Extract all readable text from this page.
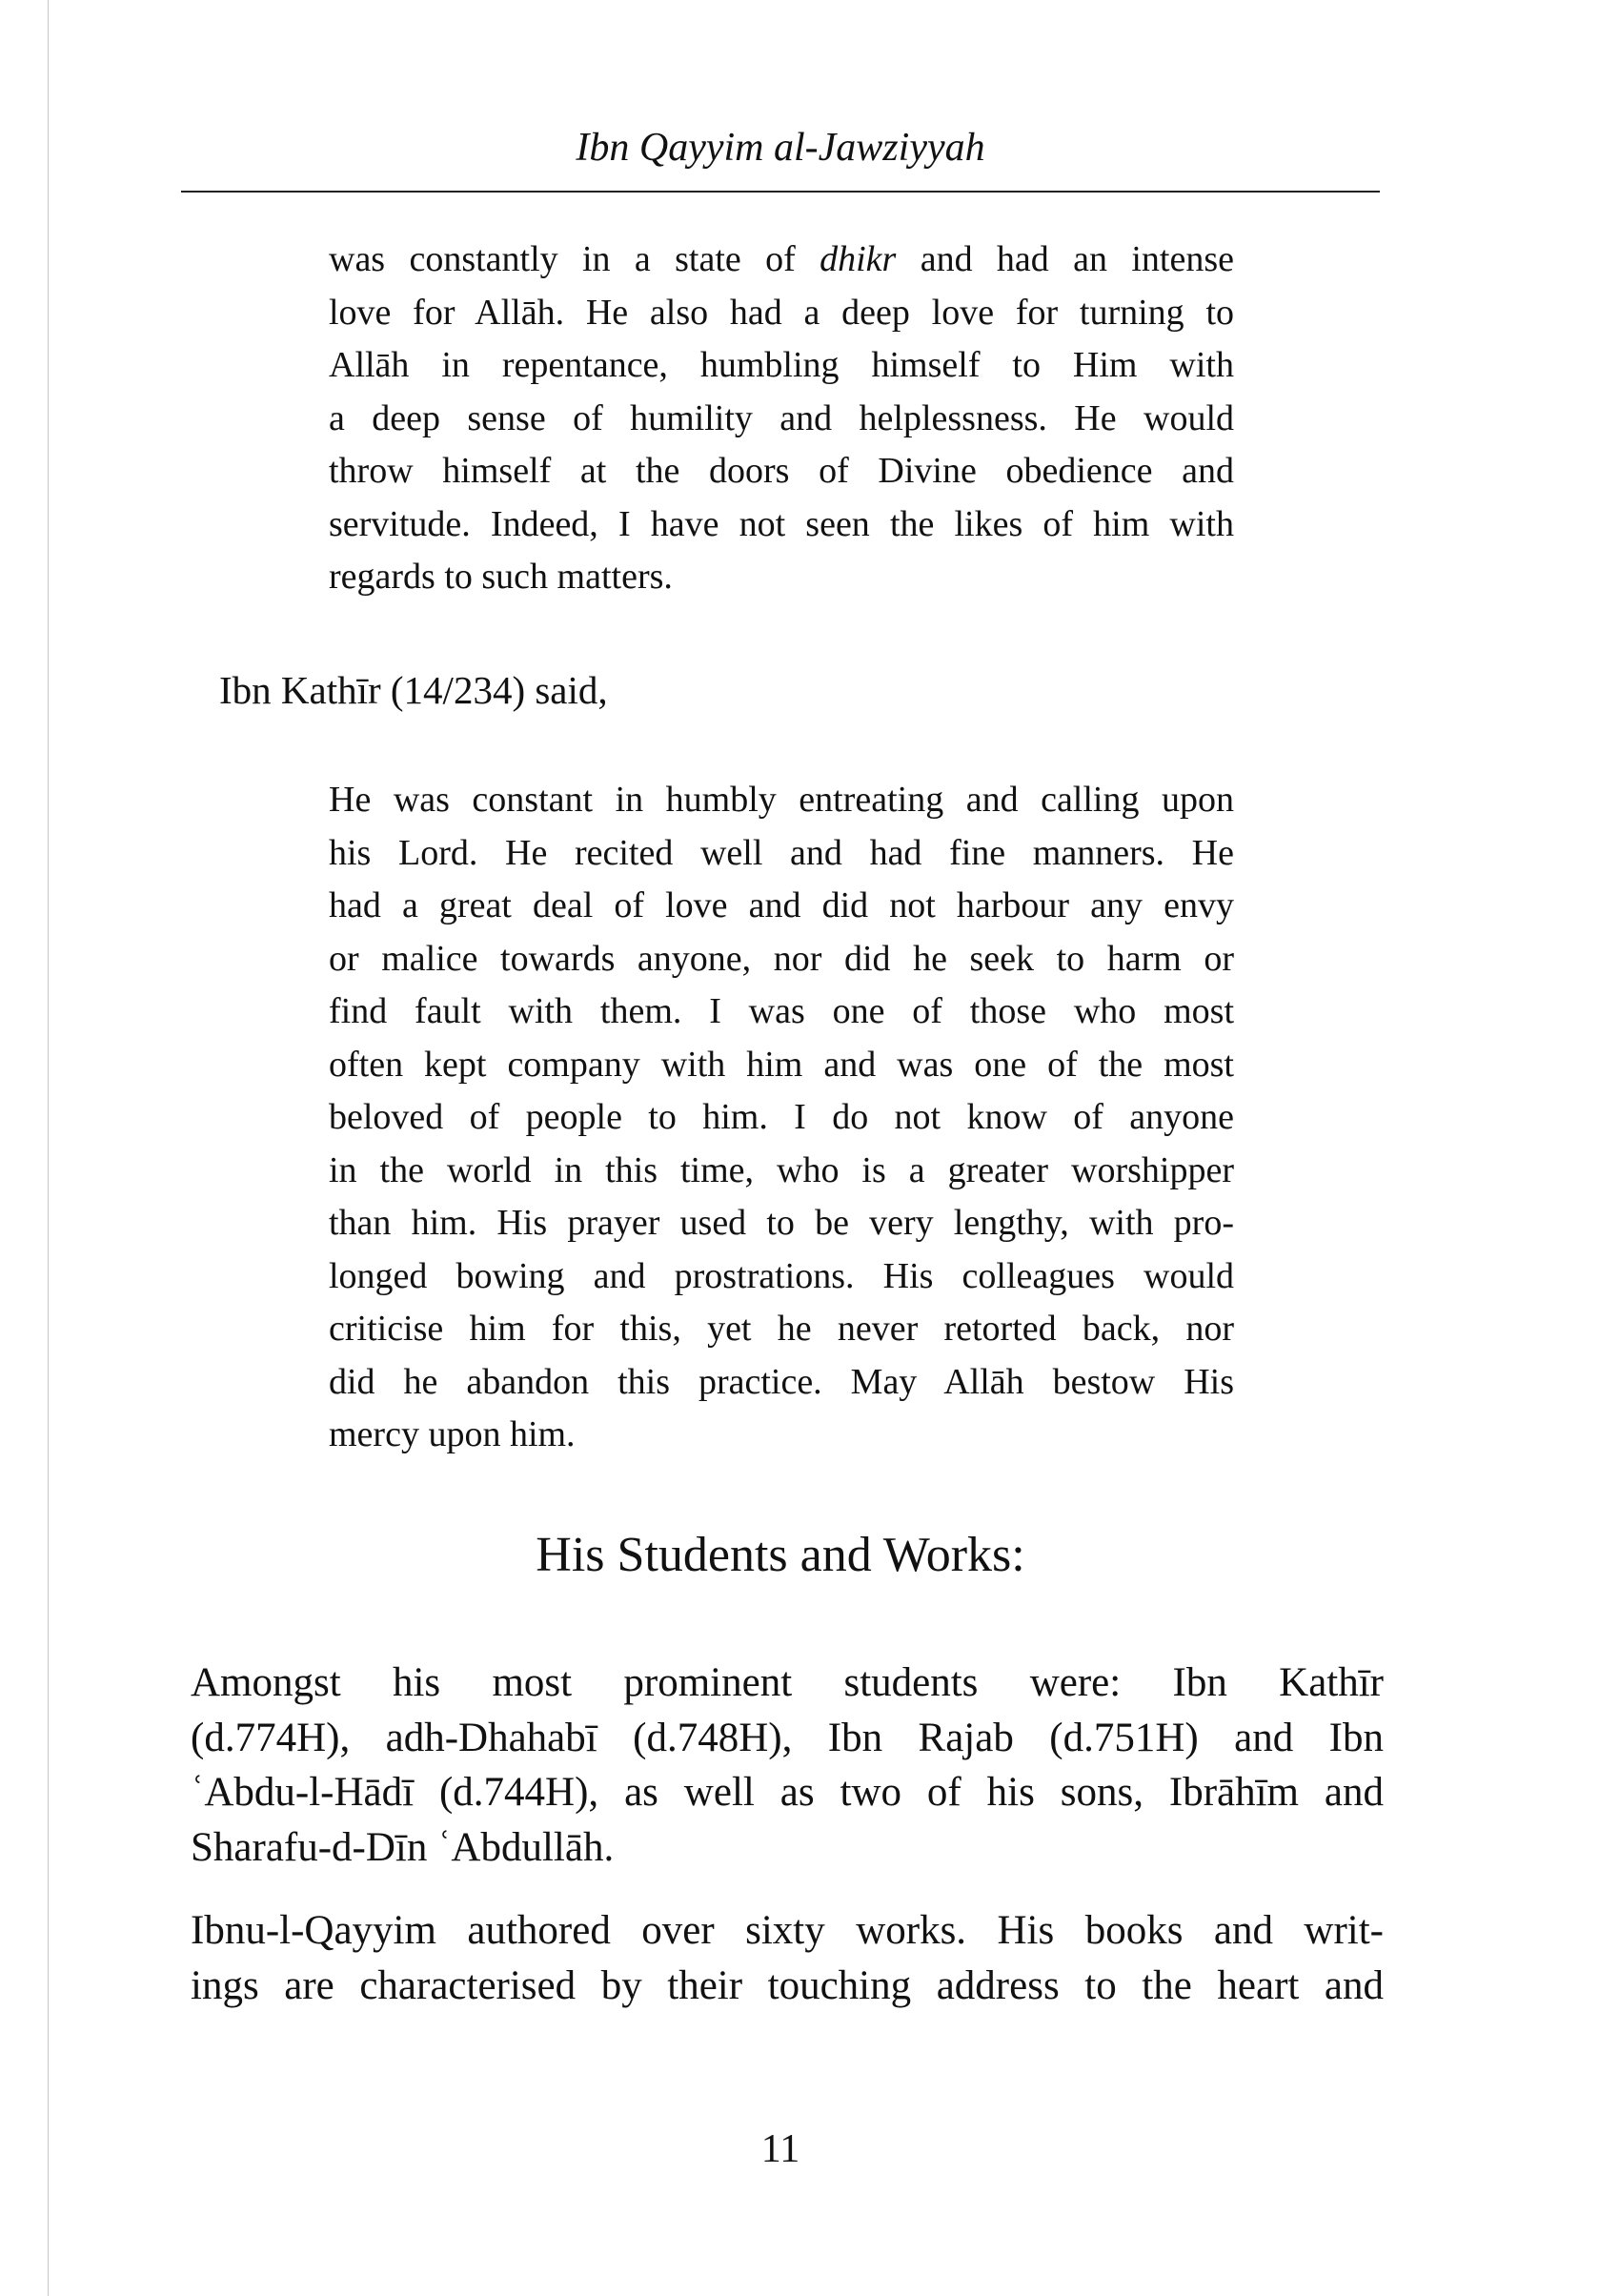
Ibn Qayyim al-Jawziyyah
was constantly in a state of dhikr and had an intense
love for Allāh. He also had a deep love for turning to
Allāh in repentance, humbling himself to Him with
a deep sense of humility and helplessness. He would
throw himself at the doors of Divine obedience and
servitude. Indeed, I have not seen the likes of him with
regards to such matters.
Ibn Kathīr (14/234) said,
He was constant in humbly entreating and calling upon
his Lord. He recited well and had fine manners. He
had a great deal of love and did not harbour any envy
or malice towards anyone, nor did he seek to harm or
find fault with them. I was one of those who most
often kept company with him and was one of the most
beloved of people to him. I do not know of anyone
in the world in this time, who is a greater worshipper
than him. His prayer used to be very lengthy, with pro-
longed bowing and prostrations. His colleagues would
criticise him for this, yet he never retorted back, nor
did he abandon this practice. May Allāh bestow His
mercy upon him.
His Students and Works:
Amongst his most prominent students were: Ibn Kathīr
(d.774H), adh-Dhahabī (d.748H), Ibn Rajab (d.751H) and Ibn
ʿAbdu-l-Hādī (d.744H), as well as two of his sons, Ibrāhīm and
Sharafu-d-Dīn ʿAbdullāh.
Ibnu-l-Qayyim authored over sixty works. His books and writ-
ings are characterised by their touching address to the heart and
11
